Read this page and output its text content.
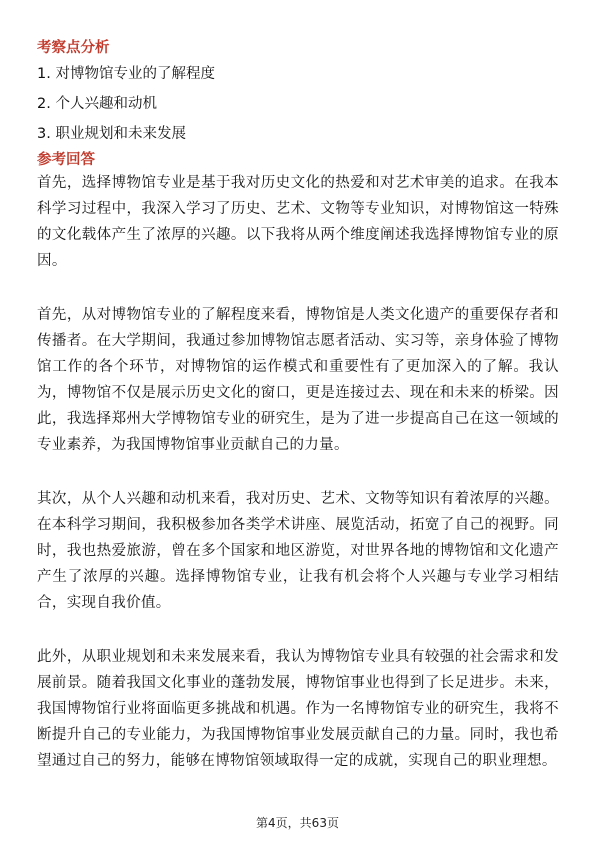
考察点分析
1. 对博物馆专业的了解程度
2. 个人兴趣和动机
3. 职业规划和未来发展
参考回答

首先，选择博物馆专业是基于我对历史文化的热爱和对艺术审美的追求。在我本科学习过程中，我深入学习了历史、艺术、文物等专业知识，对博物馆这一特殊的文化载体产生了浓厚的兴趣。以下我将从两个维度阐述我选择博物馆专业的原因。

首先，从对博物馆专业的了解程度来看，博物馆是人类文化遗产的重要保存者和传播者。在大学期间，我通过参加博物馆志愿者活动、实习等，亲身体验了博物馆工作的各个环节，对博物馆的运作模式和重要性有了更加深入的了解。我认为，博物馆不仅是展示历史文化的窗口，更是连接过去、现在和未来的桥梁。因此，我选择郑州大学博物馆专业的研究生，是为了进一步提高自己在这一领域的专业素养，为我国博物馆事业贡献自己的力量。

其次，从个人兴趣和动机来看，我对历史、艺术、文物等知识有着浓厚的兴趣。在本科学习期间，我积极参加各类学术讲座、展览活动，拓宽了自己的视野。同时，我也热爱旅游，曾在多个国家和地区游览，对世界各地的博物馆和文化遗产产生了浓厚的兴趣。选择博物馆专业，让我有机会将个人兴趣与专业学习相结合，实现自我价值。

此外，从职业规划和未来发展来看，我认为博物馆专业具有较强的社会需求和发展前景。随着我国文化事业的蓬勃发展，博物馆事业也得到了长足进步。未来，我国博物馆行业将面临更多挑战和机遇。作为一名博物馆专业的研究生，我将不断提升自己的专业能力，为我国博物馆事业发展贡献自己的力量。同时，我也希望通过自己的努力，能够在博物馆领域取得一定的成就，实现自己的职业理想。

第4页，共63页
